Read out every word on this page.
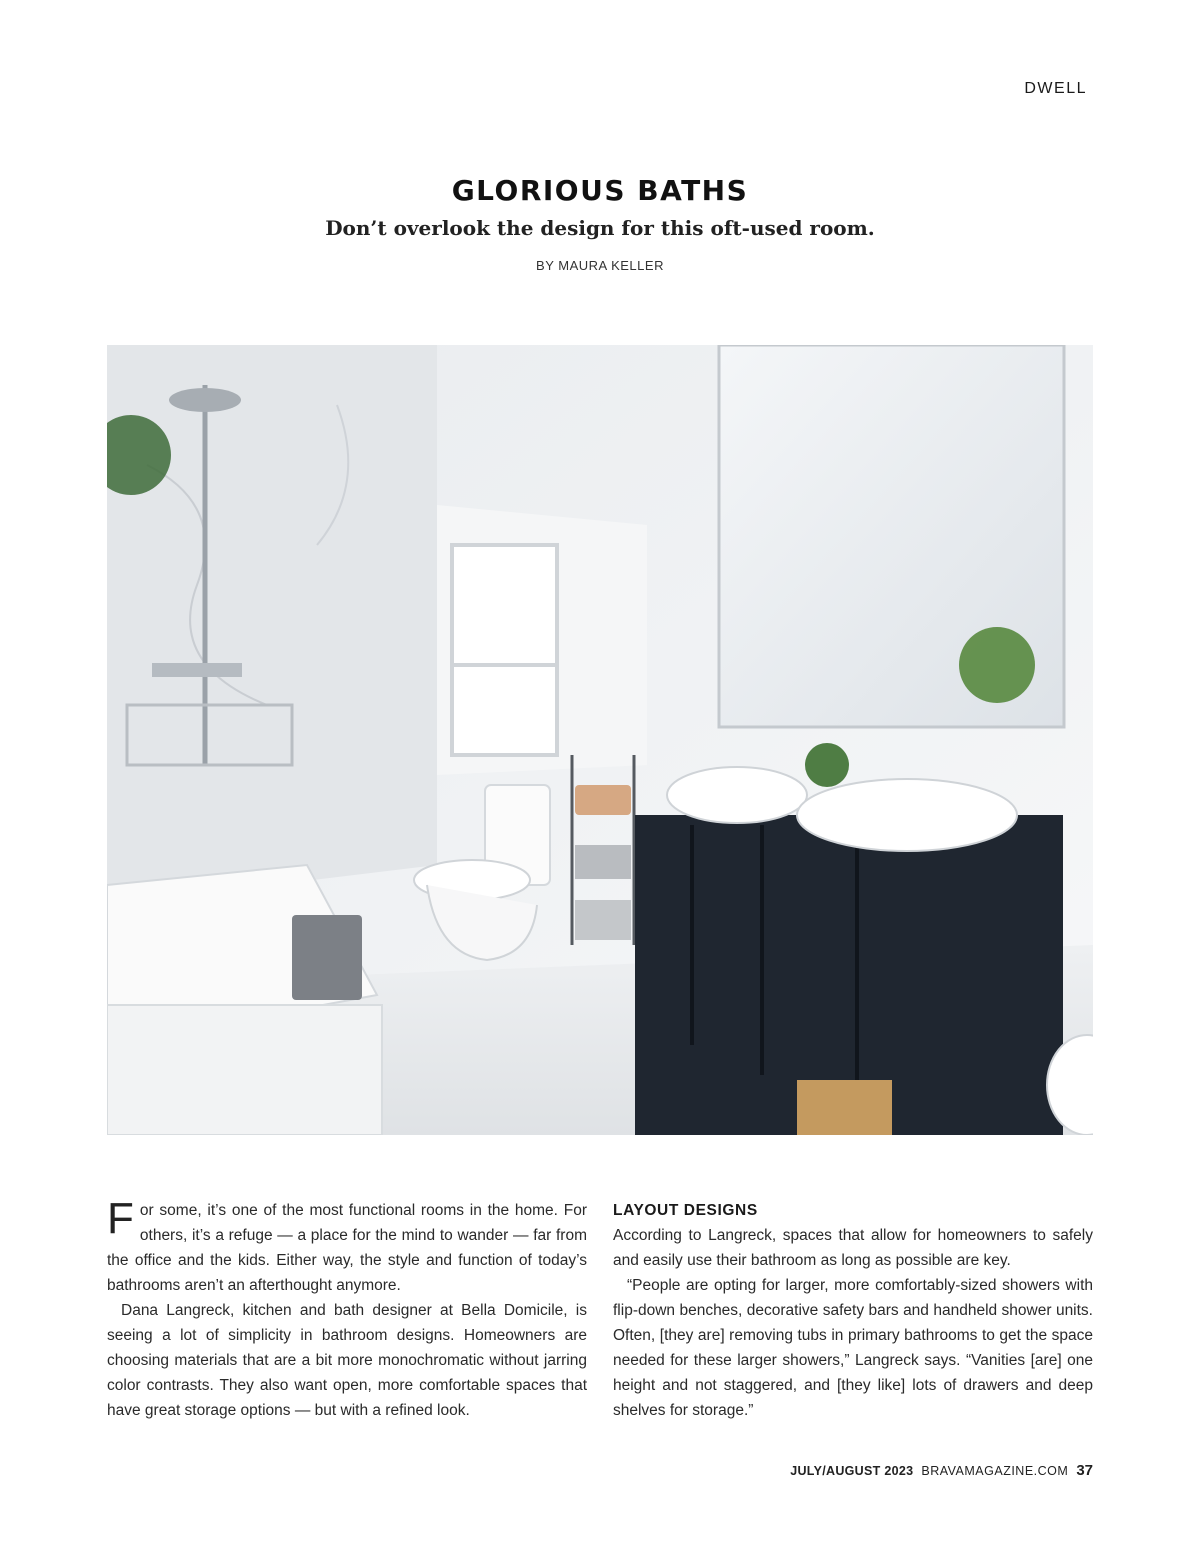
DWELL
GLORIOUS BATHS
Don’t overlook the design for this oft-used room.
BY MAURA KELLER

F or some, it’s one of the most functional rooms in the home. For others, it’s a refuge — a place for the mind to wander — far from the office and the kids. Either way, the style and function of today’s bathrooms aren’t an afterthought anymore.

Dana Langreck, kitchen and bath designer at Bella Domicile, is seeing a lot of simplicity in bathroom designs. Homeowners are choosing materials that are a bit more monochromatic without jarring color contrasts. They also want open, more comfortable spaces that have great storage options — but with a refined look.

LAYOUT DESIGNS

According to Langreck, spaces that allow for homeowners to safely and easily use their bathroom as long as possible are key.

“People are opting for larger, more comfortably-sized showers with flip-down benches, decorative safety bars and handheld shower units. Often, [they are] removing tubs in primary bathrooms to get the space needed for these larger showers,” Langreck says. “Vanities [are] one height and not staggered, and [they like] lots of drawers and deep shelves for storage.”

JULY/AUGUST 2023 BRAVAMAGAZINE.COM 37
